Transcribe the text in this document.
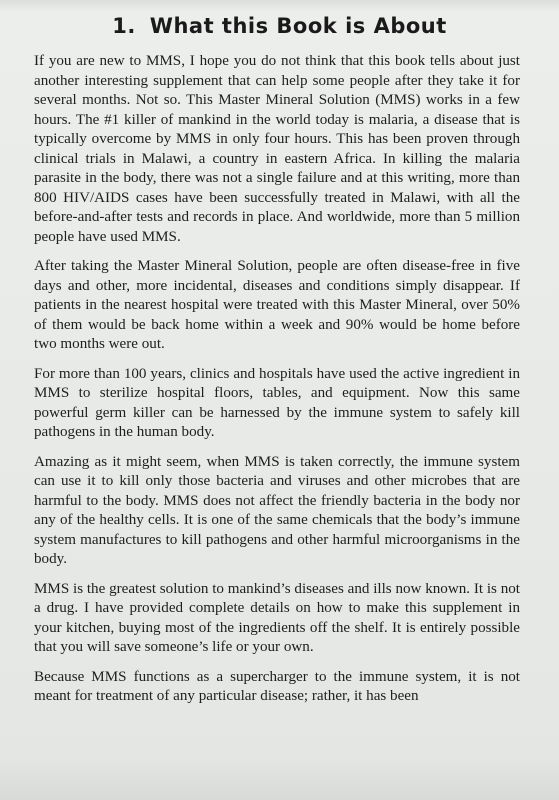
1. What this Book is About

If you are new to MMS, I hope you do not think that this book tells about just another interesting supplement that can help some people after they take it for several months. Not so. This Master Mineral Solution (MMS) works in a few hours. The #1 killer of mankind in the world today is malaria, a disease that is typically overcome by MMS in only four hours. This has been proven through clinical trials in Malawi, a country in eastern Africa. In killing the malaria parasite in the body, there was not a single failure and at this writing, more than 800 HIV/AIDS cases have been successfully treated in Malawi, with all the before-and-after tests and records in place. And worldwide, more than 5 million people have used MMS.

After taking the Master Mineral Solution, people are often disease-free in five days and other, more incidental, diseases and conditions simply disappear. If patients in the nearest hospital were treated with this Master Mineral, over 50% of them would be back home within a week and 90% would be home before two months were out.

For more than 100 years, clinics and hospitals have used the active ingredient in MMS to sterilize hospital floors, tables, and equipment. Now this same powerful germ killer can be harnessed by the immune system to safely kill pathogens in the human body.

Amazing as it might seem, when MMS is taken correctly, the immune system can use it to kill only those bacteria and viruses and other microbes that are harmful to the body. MMS does not affect the friendly bacteria in the body nor any of the healthy cells. It is one of the same chemicals that the body’s immune system manufactures to kill pathogens and other harmful microorganisms in the body.

MMS is the greatest solution to mankind’s diseases and ills now known. It is not a drug. I have provided complete details on how to make this supplement in your kitchen, buying most of the ingredients off the shelf. It is entirely possible that you will save someone’s life or your own.

Because MMS functions as a supercharger to the immune system, it is not meant for treatment of any particular disease; rather, it has been
